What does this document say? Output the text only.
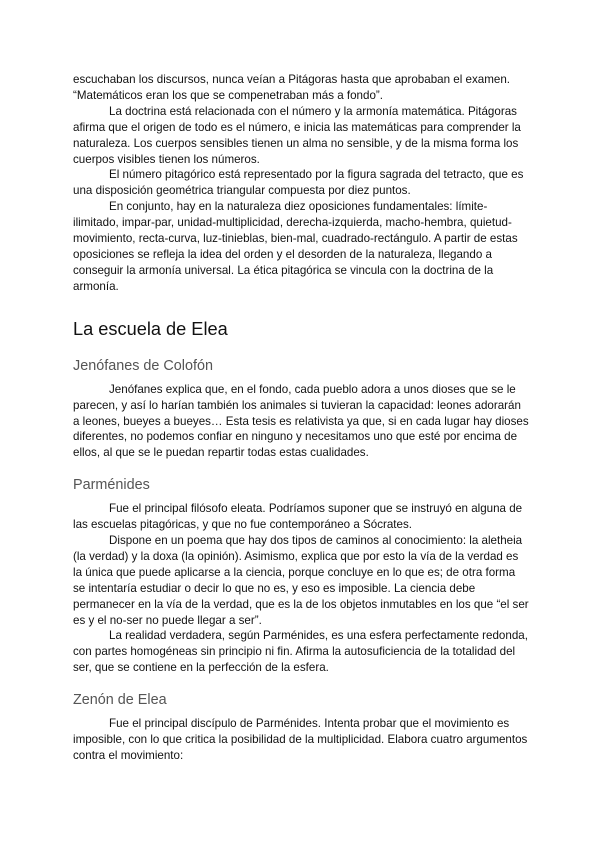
escuchaban los discursos, nunca veían a Pitágoras hasta que aprobaban el examen. “Matemáticos eran los que se compenetraban más a fondo”.

La doctrina está relacionada con el número y la armonía matemática. Pitágoras afirma que el origen de todo es el número, e inicia las matemáticas para comprender la naturaleza. Los cuerpos sensibles tienen un alma no sensible, y de la misma forma los cuerpos visibles tienen los números.

El número pitagórico está representado por la figura sagrada del tetracto, que es una disposición geométrica triangular compuesta por diez puntos.

En conjunto, hay en la naturaleza diez oposiciones fundamentales: límite-ilimitado, impar-par, unidad-multiplicidad, derecha-izquierda, macho-hembra, quietud-movimiento, recta-curva, luz-tinieblas, bien-mal, cuadrado-rectángulo. A partir de estas oposiciones se refleja la idea del orden y el desorden de la naturaleza, llegando a conseguir la armonía universal. La ética pitagórica se vincula con la doctrina de la armonía.

La escuela de Elea
Jenófanes de Colofón

Jenófanes explica que, en el fondo, cada pueblo adora a unos dioses que se le parecen, y así lo harían también los animales si tuvieran la capacidad: leones adorarán a leones, bueyes a bueyes… Esta tesis es relativista ya que, si en cada lugar hay dioses diferentes, no podemos confiar en ninguno y necesitamos uno que esté por encima de ellos, al que se le puedan repartir todas estas cualidades.

Parménides

Fue el principal filósofo eleata. Podríamos suponer que se instruyó en alguna de las escuelas pitagóricas, y que no fue contemporáneo a Sócrates.

Dispone en un poema que hay dos tipos de caminos al conocimiento: la aletheia (la verdad) y la doxa (la opinión). Asimismo, explica que por esto la vía de la verdad es la única que puede aplicarse a la ciencia, porque concluye en lo que es; de otra forma se intentaría estudiar o decir lo que no es, y eso es imposible. La ciencia debe permanecer en la vía de la verdad, que es la de los objetos inmutables en los que “el ser es y el no-ser no puede llegar a ser”.

La realidad verdadera, según Parménides, es una esfera perfectamente redonda, con partes homogéneas sin principio ni fin. Afirma la autosuficiencia de la totalidad del ser, que se contiene en la perfección de la esfera.

Zenón de Elea

Fue el principal discípulo de Parménides. Intenta probar que el movimiento es imposible, con lo que critica la posibilidad de la multiplicidad. Elabora cuatro argumentos contra el movimiento:
